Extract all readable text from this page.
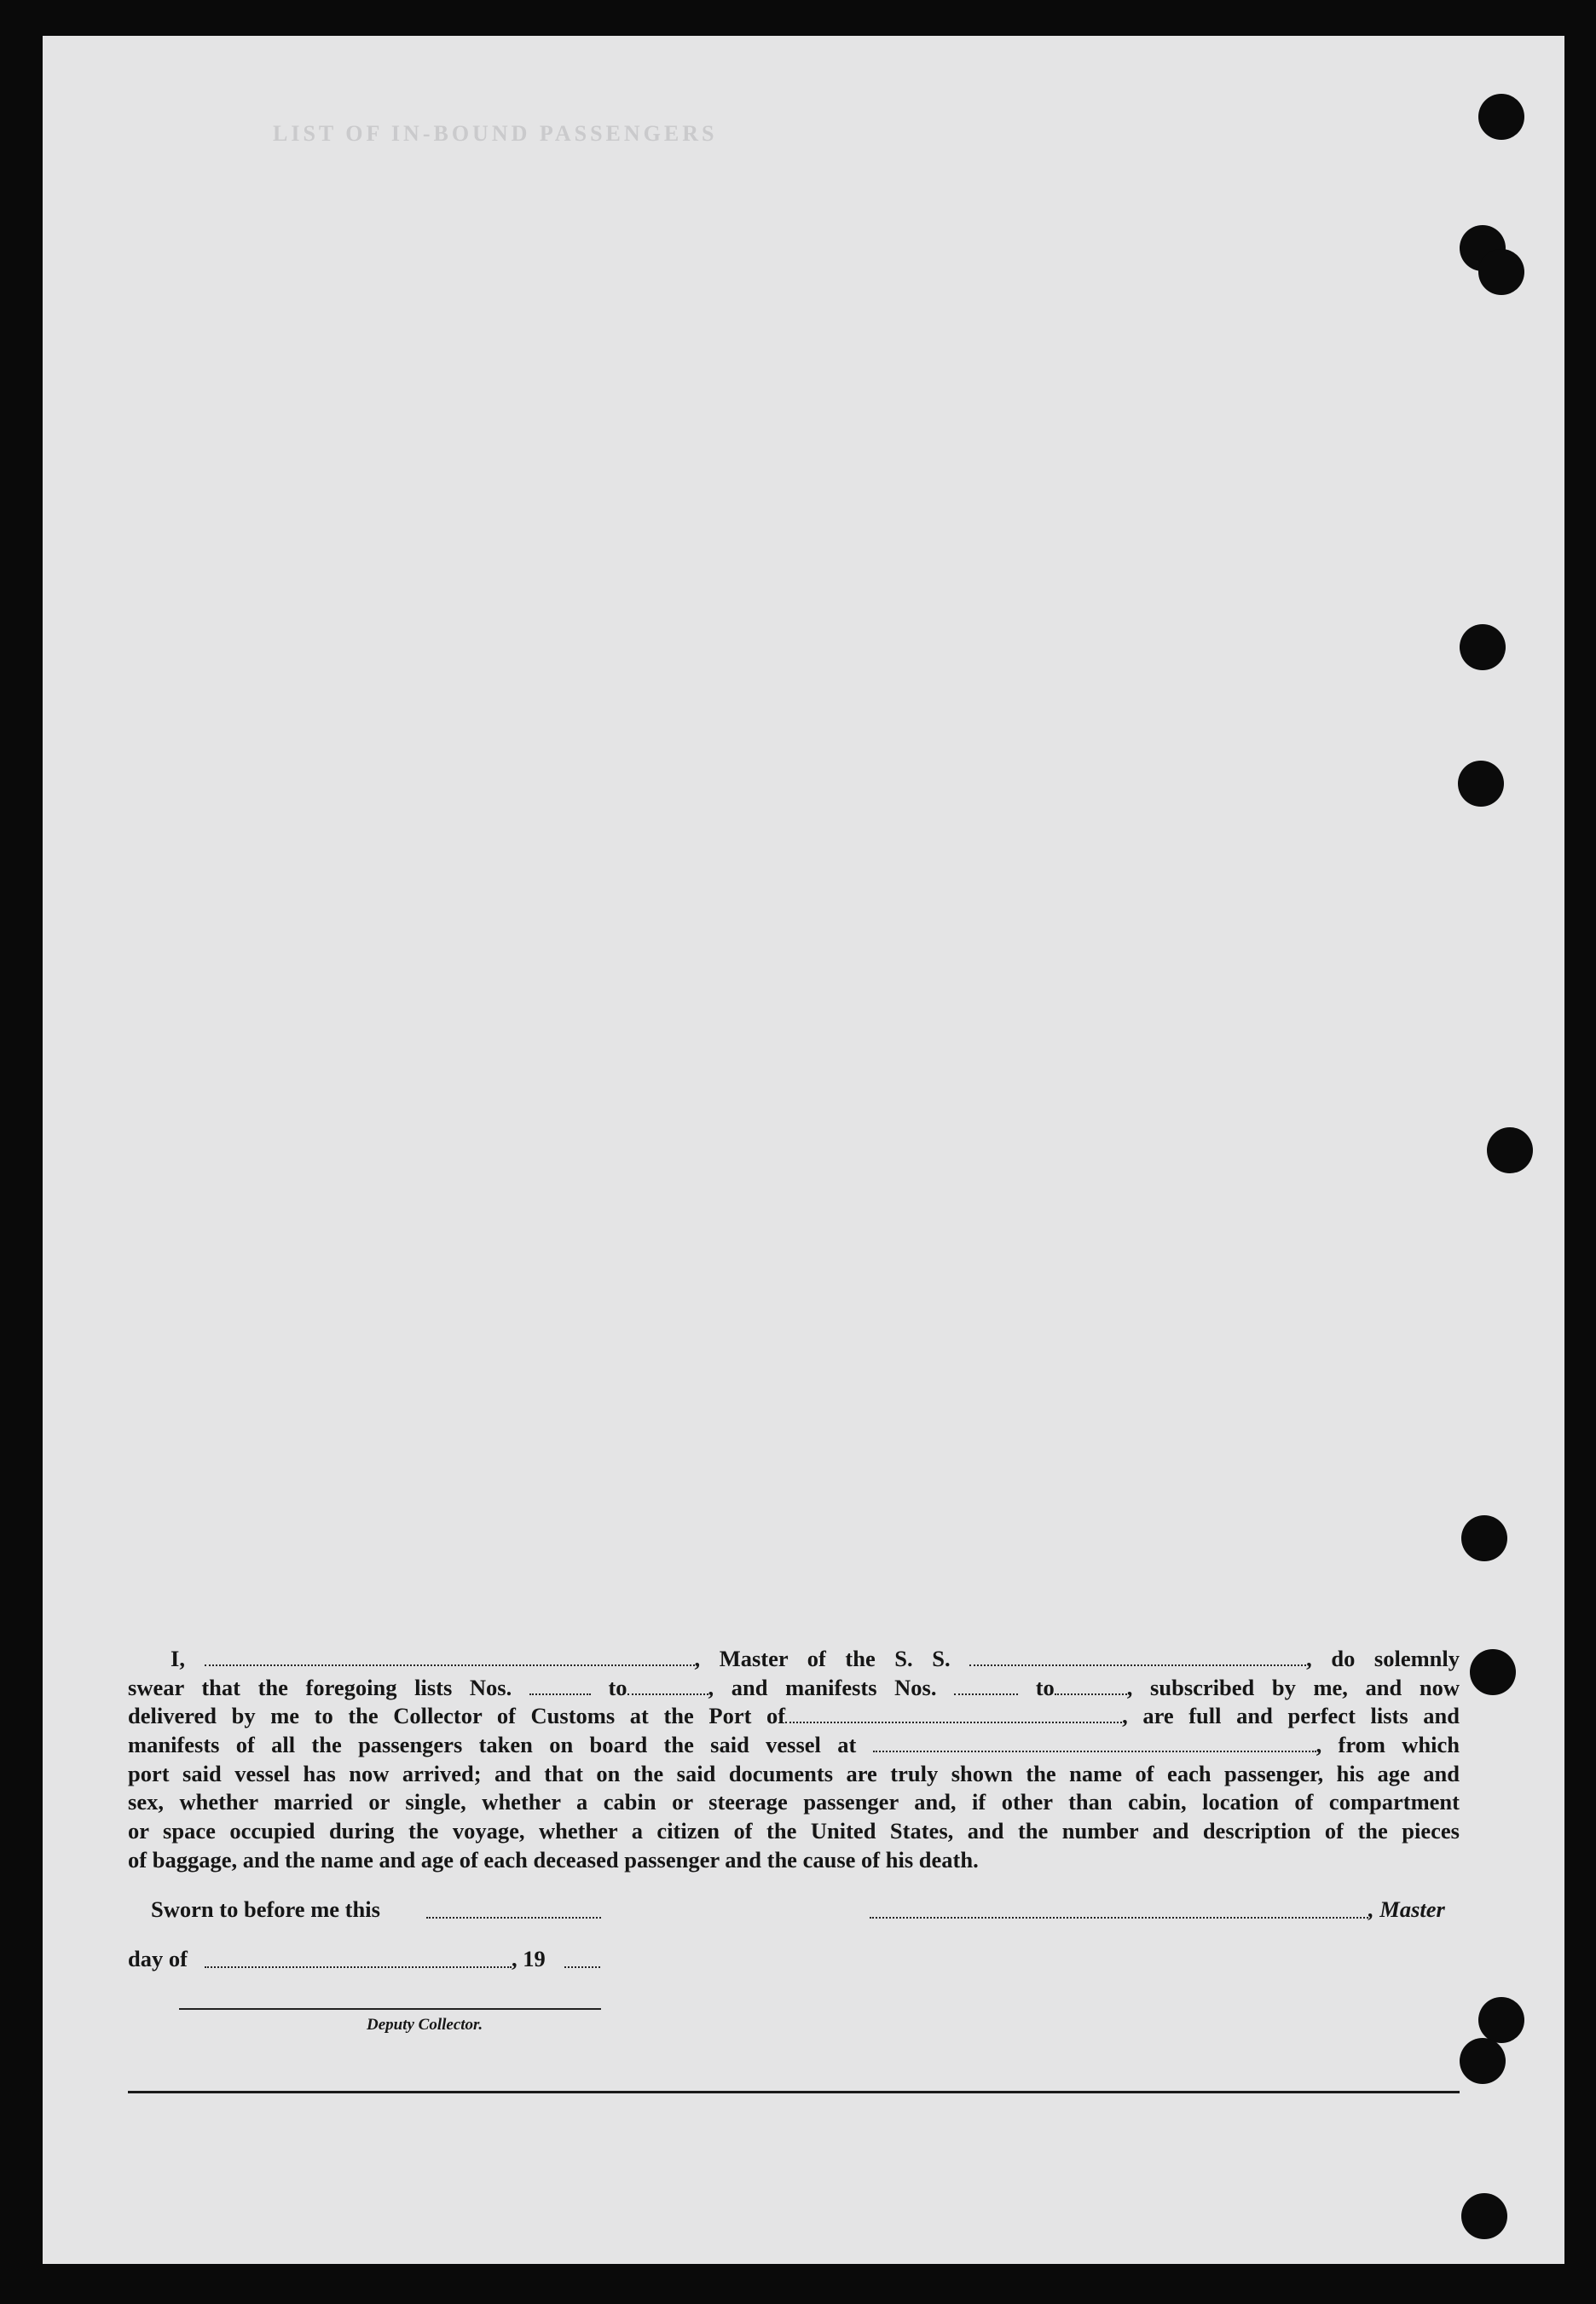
LIST OF IN-BOUND PASSENGERS
I,	, Master of the S. S.	, do solemnly
swear that the foregoing lists Nos.	to	, and manifests Nos.	to	, subscribed by me, and now
delivered by me to the Collector of Customs at the Port of	, are full and perfect lists and
manifests of all the passengers taken on board the said vessel at	, from which
port said vessel has now arrived; and that on the said documents are truly shown the name of each passenger, his age and
sex, whether married or single, whether a cabin or steerage passenger and, if other than cabin, location of compartment
or space occupied during the voyage, whether a citizen of the United States, and the number and description of the pieces
of baggage, and the name and age of each deceased passenger and the cause of his death.
Sworn to before me this	, Master
day of	, 19
Deputy Collector.
